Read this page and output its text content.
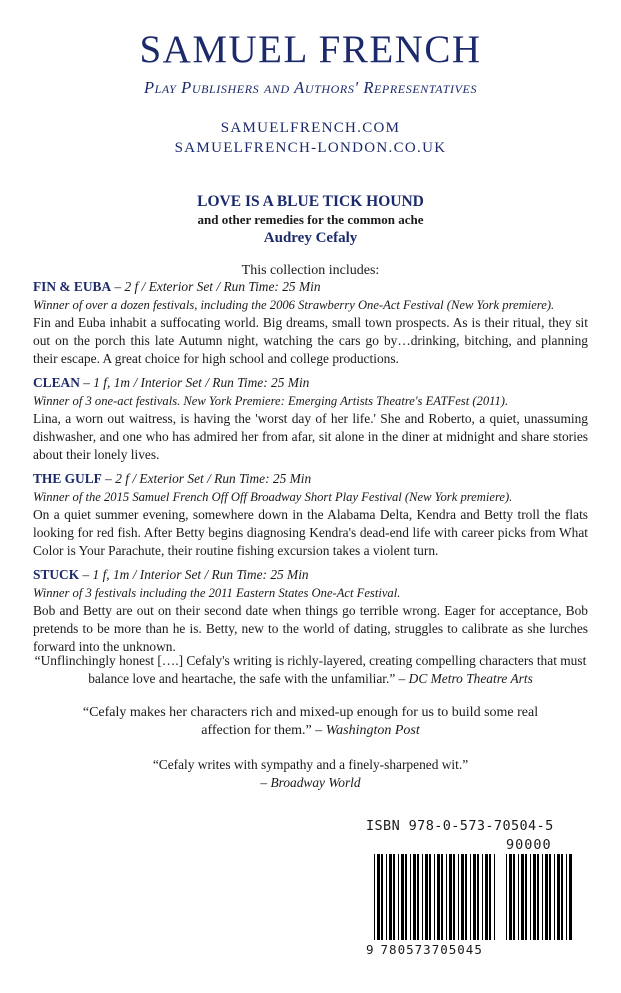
SAMUEL FRENCH
Play Publishers and Authors' Representatives
SAMUELFRENCH.COM
SAMUELFRENCH-LONDON.CO.UK
LOVE IS A BLUE TICK HOUND
and other remedies for the common ache
Audrey Cefaly
This collection includes:
FIN & EUBA – 2 f / Exterior Set / Run Time: 25 Min
Winner of over a dozen festivals, including the 2006 Strawberry One-Act Festival (New York premiere).
Fin and Euba inhabit a suffocating world. Big dreams, small town prospects. As is their ritual, they sit out on the porch this late Autumn night, watching the cars go by…drinking, bitching, and planning their escape. A great choice for high school and college productions.
CLEAN – 1 f, 1m / Interior Set / Run Time: 25 Min
Winner of 3 one-act festivals. New York Premiere: Emerging Artists Theatre's EATFest (2011).
Lina, a worn out waitress, is having the 'worst day of her life.' She and Roberto, a quiet, unassuming dishwasher, and one who has admired her from afar, sit alone in the diner at midnight and share stories about their lonely lives.
THE GULF – 2 f / Exterior Set / Run Time: 25 Min
Winner of the 2015 Samuel French Off Off Broadway Short Play Festival (New York premiere).
On a quiet summer evening, somewhere down in the Alabama Delta, Kendra and Betty troll the flats looking for red fish. After Betty begins diagnosing Kendra's dead-end life with career picks from What Color is Your Parachute, their routine fishing excursion takes a violent turn.
STUCK – 1 f, 1m / Interior Set / Run Time: 25 Min
Winner of 3 festivals including the 2011 Eastern States One-Act Festival.
Bob and Betty are out on their second date when things go terrible wrong. Eager for acceptance, Bob pretends to be more than he is. Betty, new to the world of dating, struggles to calibrate as she lurches forward into the unknown.
“Unflinchingly honest [….] Cefaly's writing is richly-layered, creating compelling characters that must balance love and heartache, the safe with the unfamiliar.” – DC Metro Theatre Arts
“Cefaly makes her characters rich and mixed-up enough for us to build some real affection for them.” – Washington Post
“Cefaly writes with sympathy and a finely-sharpened wit.”
– Broadway World
ISBN 978-0-573-70504-5
90000
9 780573705045
